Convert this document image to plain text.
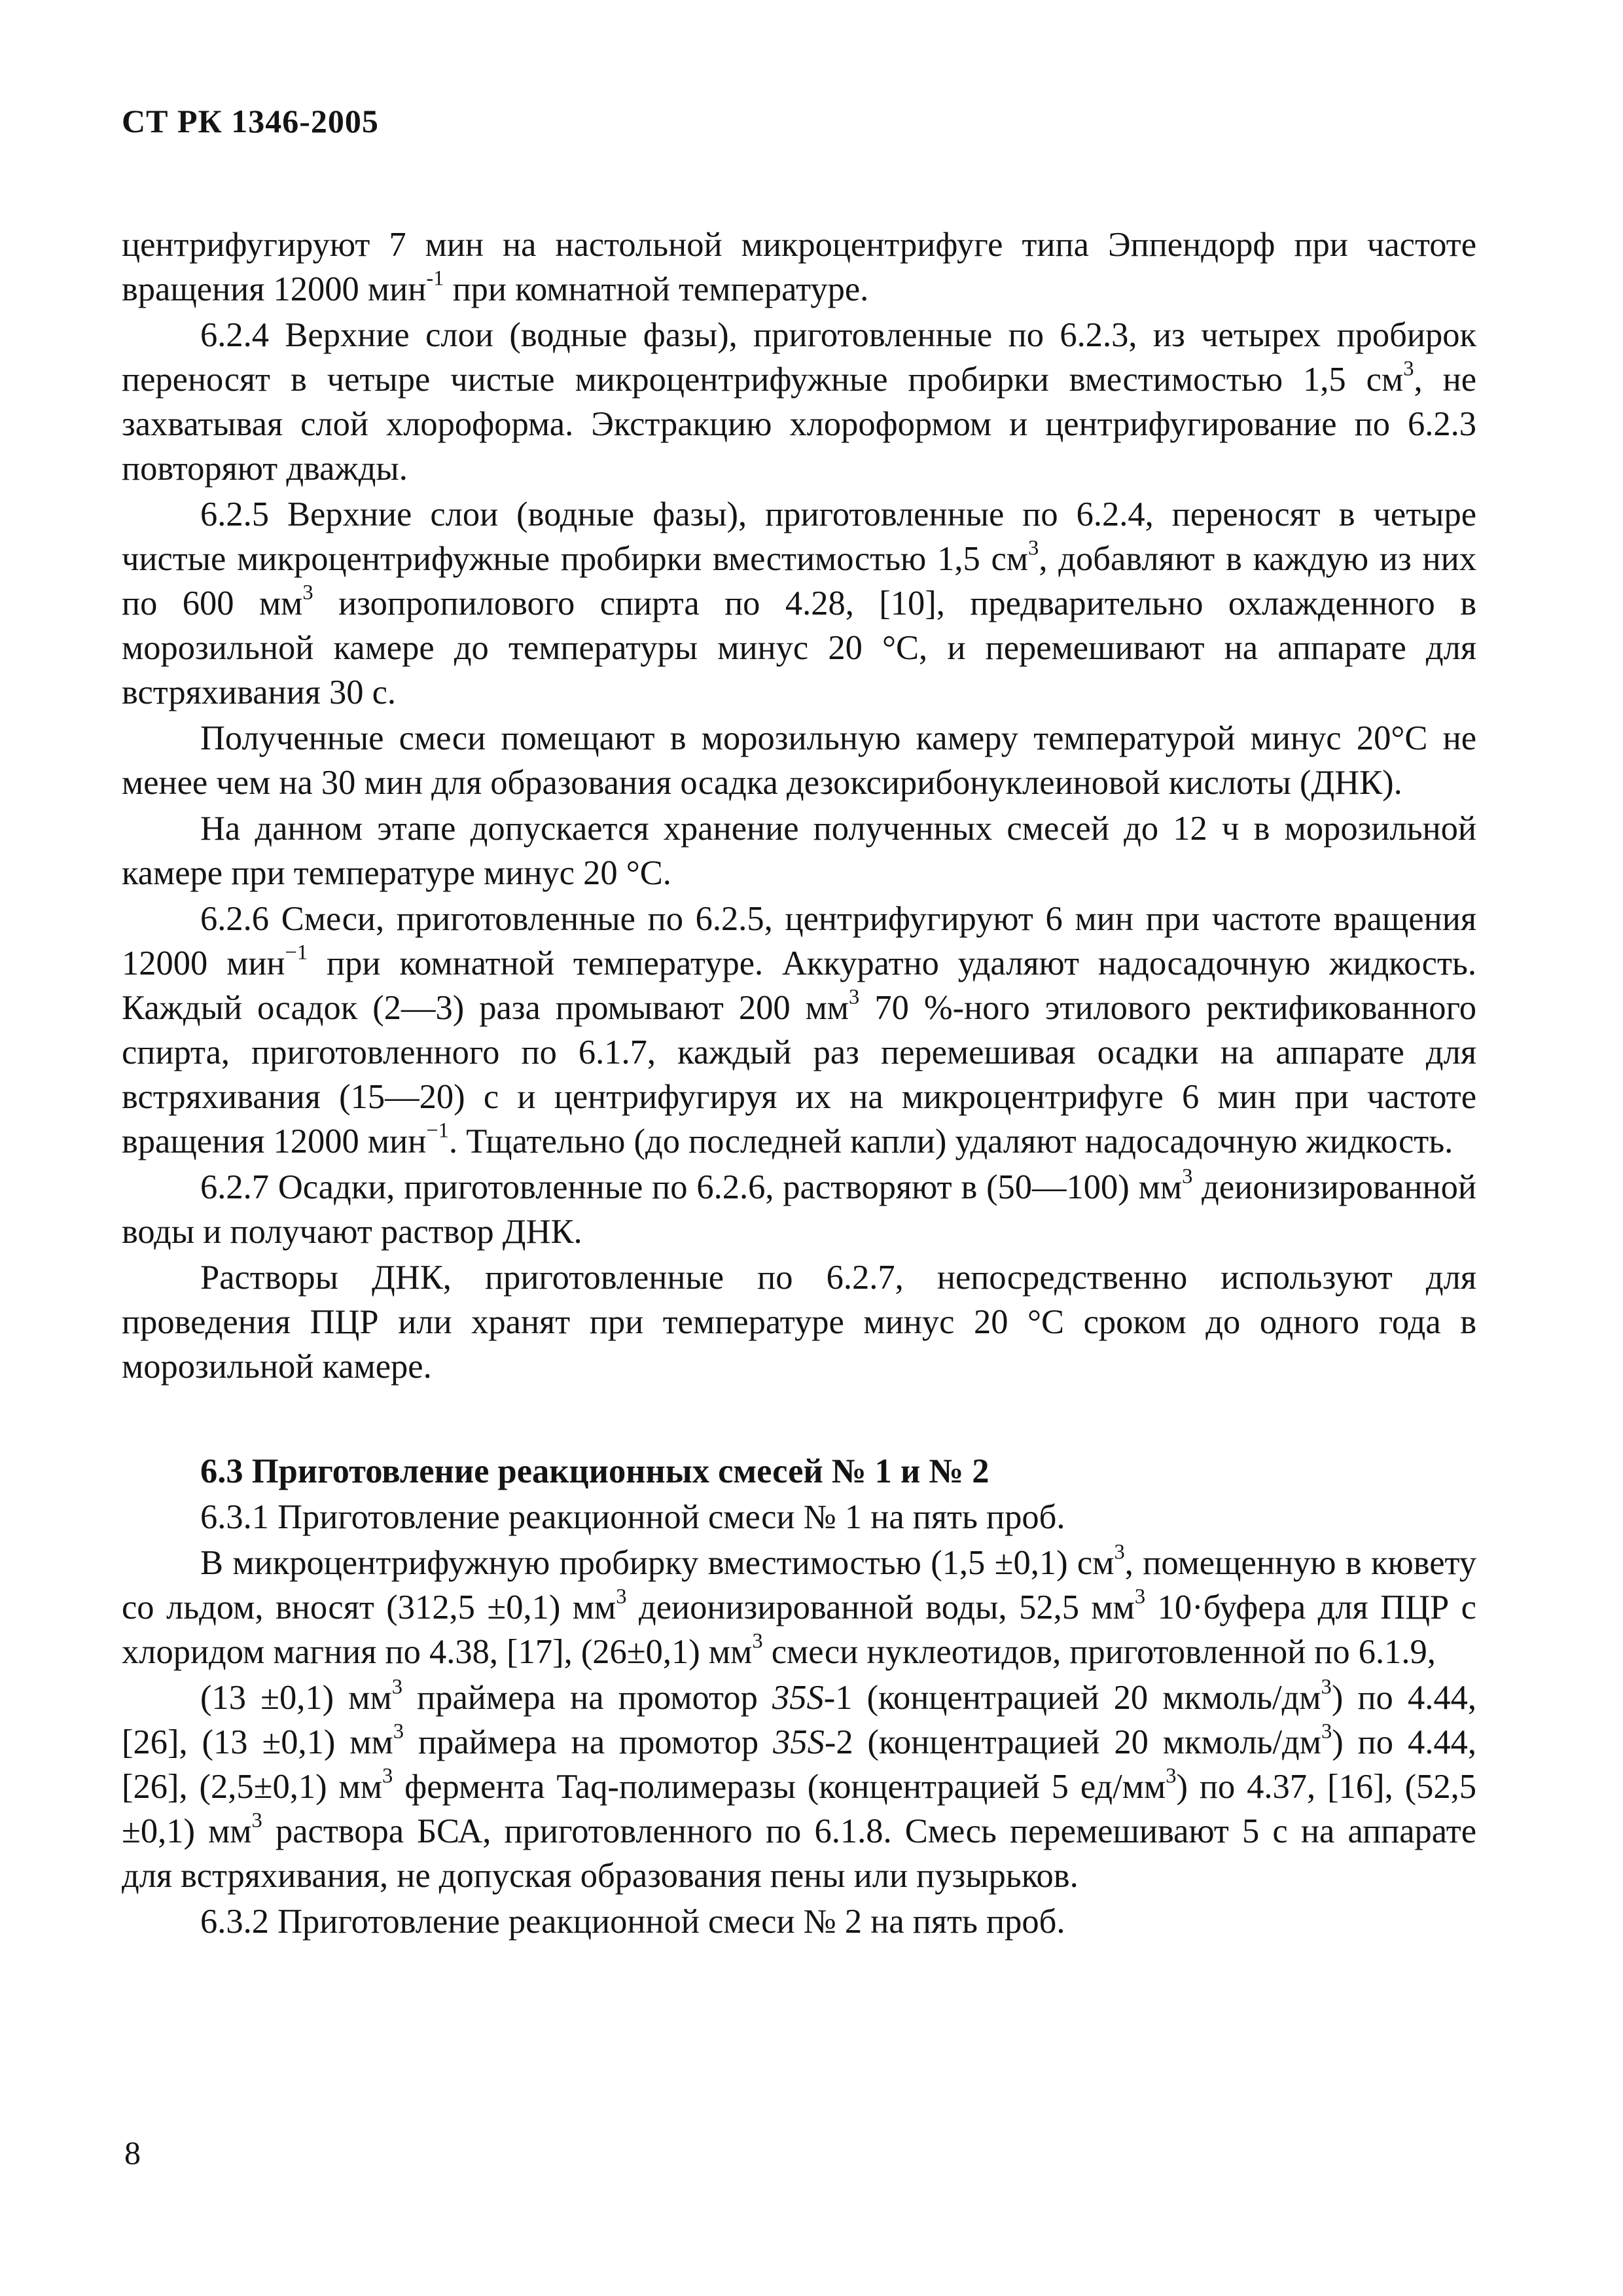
СТ РК 1346-2005

центрифугируют 7 мин на настольной микроцентрифуге типа Эппендорф при частоте вращения 12000 мин$^{-1}$ при комнатной температуре.

6.2.4 Верхние слои (водные фазы), приготовленные по 6.2.3, из четырех пробирок переносят в четыре чистые микроцентрифужные пробирки вместимостью 1,5 $см^3$, не захватывая слой хлороформа. Экстракцию хлороформом и центрифугирование по 6.2.3 повторяют дважды.

6.2.5 Верхние слои (водные фазы), приготовленные по 6.2.4, переносят в четыре чистые микроцентрифужные пробирки вместимостью 1,5 $см^3$, добавляют в каждую из них по 600 $мм^3$ изопропилового спирта по 4.28, [10], предварительно охлажденного в морозильной камере до температуры минус 20 °С, и перемешивают на аппарате для встряхивания 30 с.

Полученные смеси помещают в морозильную камеру температурой минус 20°С не менее чем на 30 мин для образования осадка дезоксирибонуклеиновой кислоты (ДНК).

На данном этапе допускается хранение полученных смесей до 12 ч в морозильной камере при температуре минус 20 °С.

6.2.6 Смеси, приготовленные по 6.2.5, центрифугируют 6 мин при частоте вращения 12000 мин$^{-1}$ при комнатной температуре. Аккуратно удаляют надосадочную жидкость. Каждый осадок (2—3) раза промывают 200 $мм^3$ 70 %-ного этилового ректификованного спирта, приготовленного по 6.1.7, каждый раз перемешивая осадки на аппарате для встряхивания (15—20) с и центрифугируя их на микроцентрифуге 6 мин при частоте вращения 12000 мин$^{-1}$. Тщательно (до последней капли) удаляют надосадочную жидкость.

6.2.7 Осадки, приготовленные по 6.2.6, растворяют в (50—100) $мм^3$ деионизированной воды и получают раствор ДНК.

Растворы ДНК, приготовленные по 6.2.7, непосредственно используют для проведения ПЦР или хранят при температуре минус 20 °С сроком до одного года в морозильной камере.

6.3 Приготовление реакционных смесей № 1 и № 2

6.3.1 Приготовление реакционной смеси № 1 на пять проб.

В микроцентрифужную пробирку вместимостью (1,5 ±0,1) $см^3$, помещенную в кювету со льдом, вносят (312,5 ±0,1) $мм^3$ деионизированной воды, 52,5 $мм^3$ 10·буфера для ПЦР с хлоридом магния по 4.38, [17], (26±0,1) $мм^3$ смеси нуклеотидов, приготовленной по 6.1.9,

(13 ±0,1) $мм^3$ праймера на промотор 35S-1 (концентрацией 20 мкмоль/$дм^3$) по 4.44, [26], (13 ±0,1) $мм^3$ праймера на промотор 35S-2 (концентрацией 20 мкмоль/$дм^3$) по 4.44, [26], (2,5±0,1) $мм^3$ фермента Taq-полимеразы (концентрацией 5 $ед/мм^3$) по 4.37, [16], (52,5 ±0,1) $мм^3$ раствора БСА, приготовленного по 6.1.8. Смесь перемешивают 5 с на аппарате для встряхивания, не допуская образования пены или пузырьков.

6.3.2 Приготовление реакционной смеси № 2 на пять проб.

8
